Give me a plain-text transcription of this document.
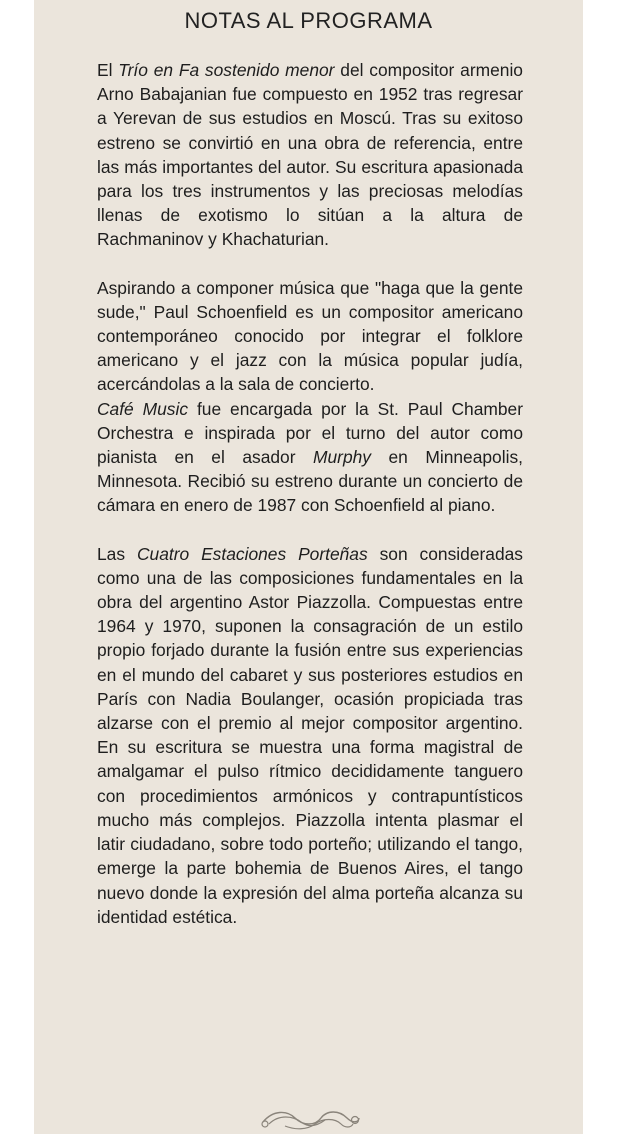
NOTAS AL PROGRAMA

El Trío en Fa sostenido menor del compositor armenio Arno Babajanian fue compuesto en 1952 tras regresar a Yerevan de sus estudios en Moscú. Tras su exitoso estreno se convirtió en una obra de referencia, entre las más importantes del autor. Su escritura apasionada para los tres instrumentos y las preciosas melodías llenas de exotismo lo sitúan a la altura de Rachmaninov y Khachaturian.

Aspirando a componer música que "haga que la gente sude," Paul Schoenfield es un compositor americano contemporáneo conocido por integrar el folklore americano y el jazz con la música popular judía, acercándolas a la sala de concierto.

Café Music fue encargada por la St. Paul Chamber Orchestra e inspirada por el turno del autor como pianista en el asador Murphy en Minneapolis, Minnesota. Recibió su estreno durante un concierto de cámara en enero de 1987 con Schoenfield al piano.

Las Cuatro Estaciones Porteñas son consideradas como una de las composiciones fundamentales en la obra del argentino Astor Piazzolla. Compuestas entre 1964 y 1970, suponen la consagración de un estilo propio forjado durante la fusión entre sus experiencias en el mundo del cabaret y sus posteriores estudios en París con Nadia Boulanger, ocasión propiciada tras alzarse con el premio al mejor compositor argentino. En su escritura se muestra una forma magistral de amalgamar el pulso rítmico decididamente tanguero con procedimientos armónicos y contrapuntísticos mucho más complejos. Piazzolla intenta plasmar el latir ciudadano, sobre todo porteño; utilizando el tango, emerge la parte bohemia de Buenos Aires, el tango nuevo donde la expresión del alma porteña alcanza su identidad estética.
